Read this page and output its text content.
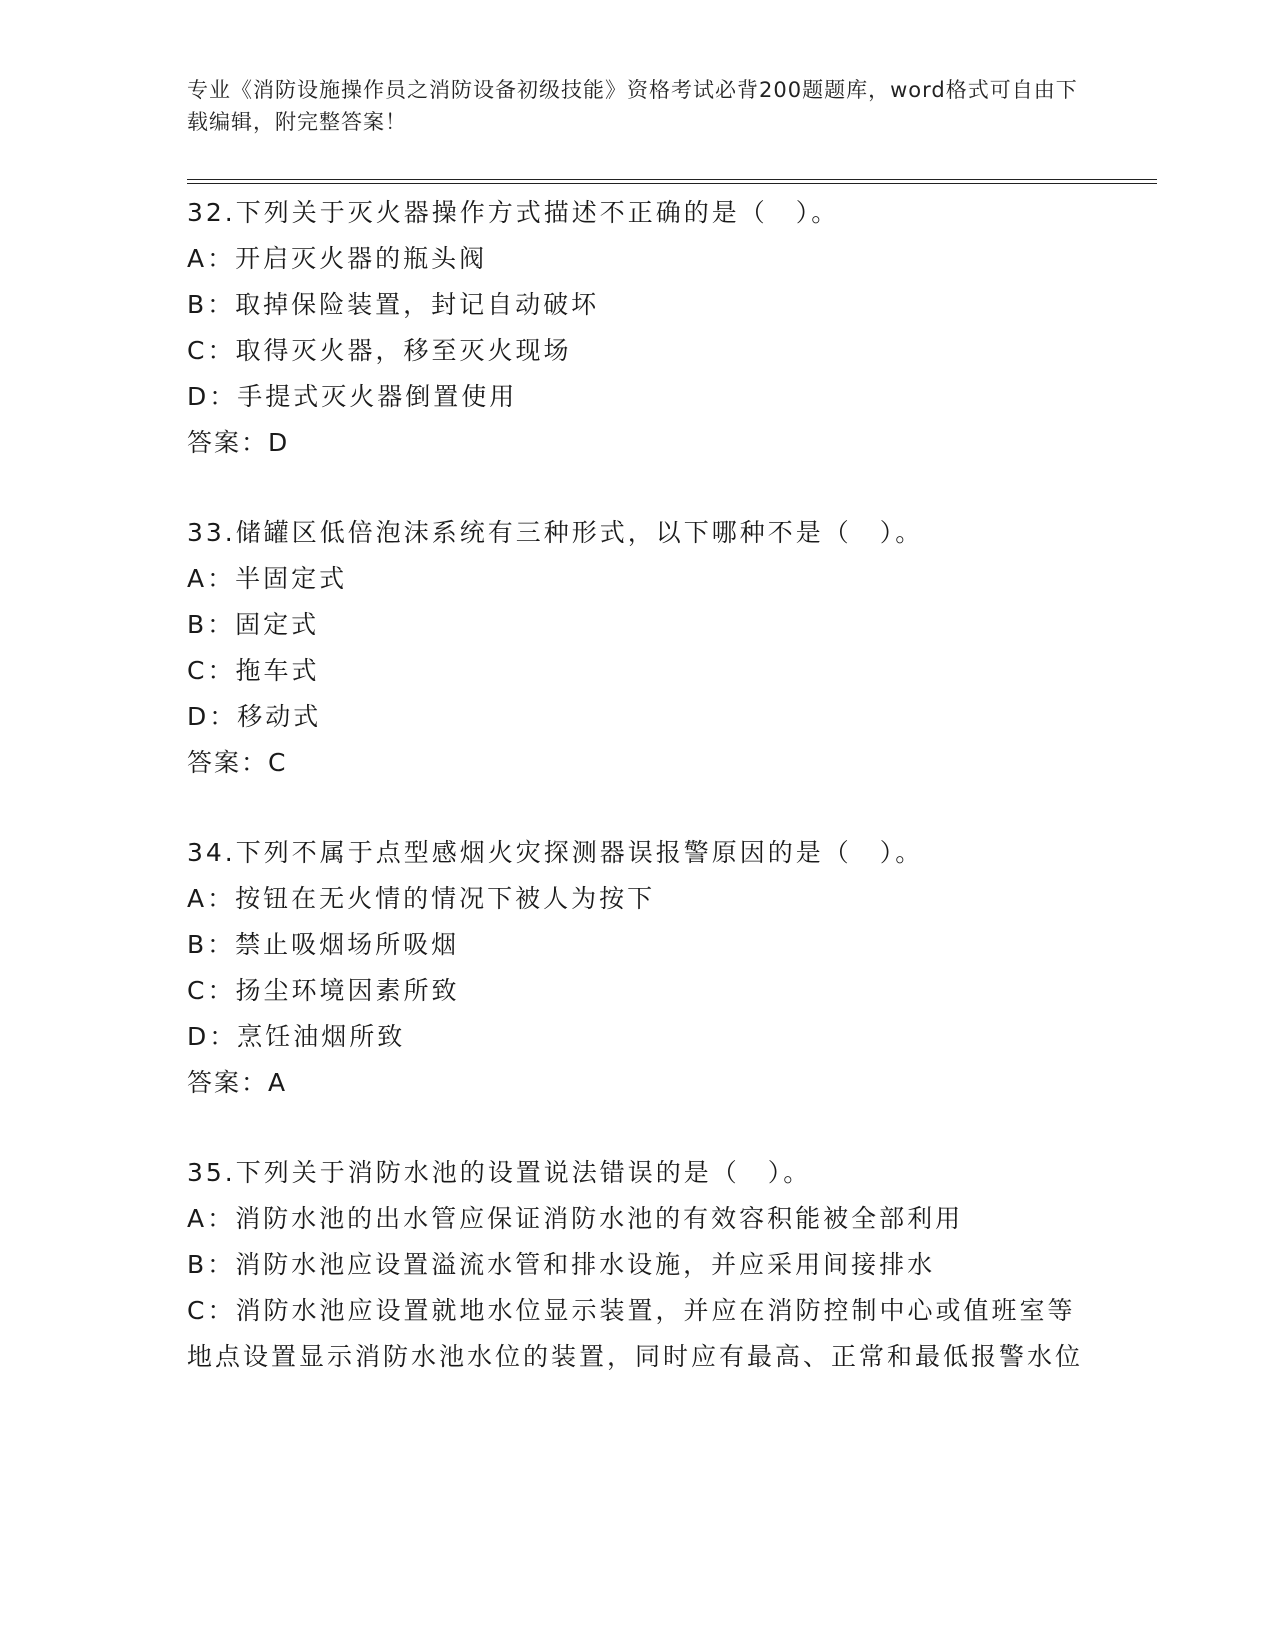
专业《消防设施操作员之消防设备初级技能》资格考试必背200题题库，word格式可自由下载编辑，附完整答案！
32.下列关于灭火器操作方式描述不正确的是（　）。
A：开启灭火器的瓶头阀
B：取掉保险装置，封记自动破坏
C：取得灭火器，移至灭火现场
D：手提式灭火器倒置使用
答案：D
33.储罐区低倍泡沫系统有三种形式，以下哪种不是（　）。
A：半固定式
B：固定式
C：拖车式
D：移动式
答案：C
34.下列不属于点型感烟火灾探测器误报警原因的是（　）。
A：按钮在无火情的情况下被人为按下
B：禁止吸烟场所吸烟
C：扬尘环境因素所致
D：烹饪油烟所致
答案：A
35.下列关于消防水池的设置说法错误的是（　）。
A：消防水池的出水管应保证消防水池的有效容积能被全部利用
B：消防水池应设置溢流水管和排水设施，并应采用间接排水
C：消防水池应设置就地水位显示装置，并应在消防控制中心或值班室等地点设置显示消防水池水位的装置，同时应有最高、正常和最低报警水位
